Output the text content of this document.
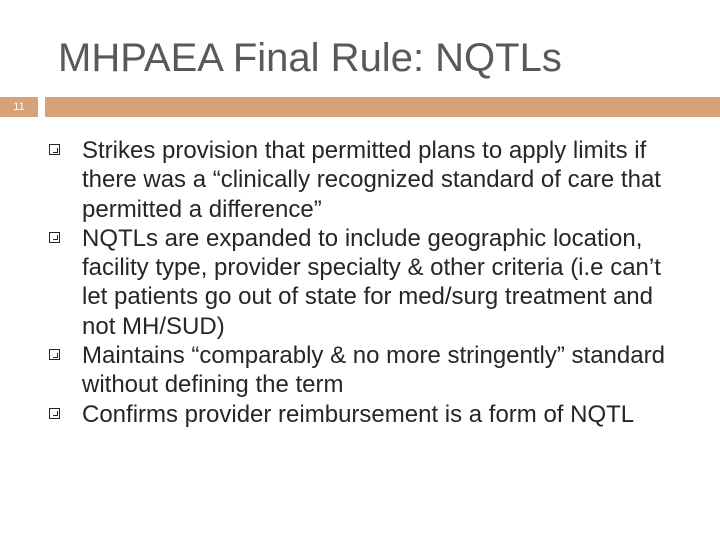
MHPAEA Final Rule: NQTLs
11
Strikes provision that permitted plans to apply limits if there was a “clinically recognized standard of care that permitted a difference”
NQTLs are expanded to include geographic location, facility type, provider specialty & other criteria (i.e can’t let patients go out of state for med/surg treatment and not MH/SUD)
Maintains “comparably & no more stringently” standard without defining the term
Confirms provider reimbursement is a form of NQTL
